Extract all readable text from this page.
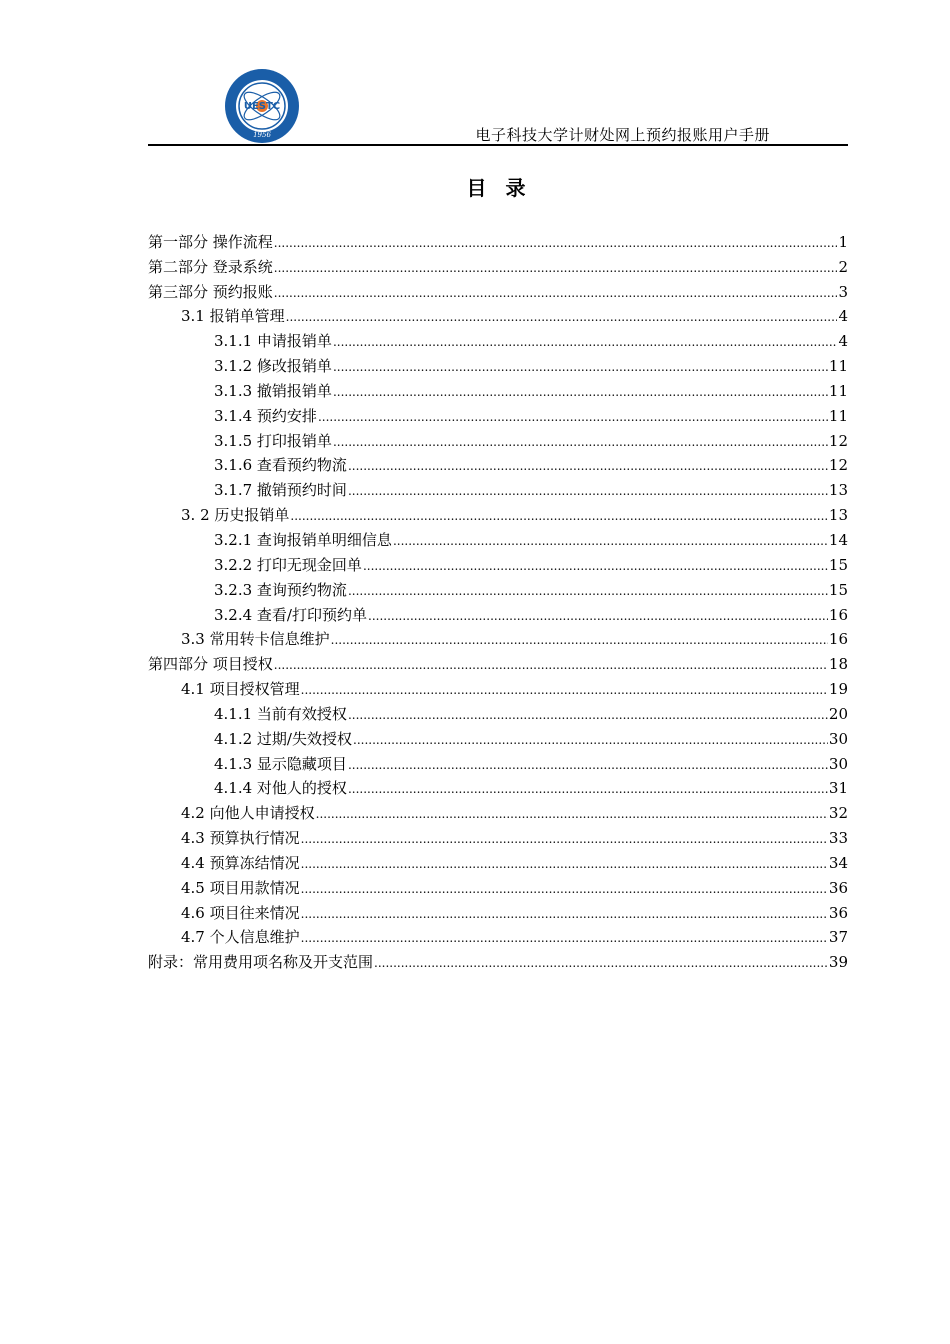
UESTC
1956	电子科技大学计财处网上预约报账用户手册
目 录
第一部分 操作流程 .....	1
第二部分 登录系统 .....	2
第三部分 预约报账 .....	3
3.1 报销单管理 .....	4
3.1.1 申请报销单 .....	4
3.1.2 修改报销单 .....	11
3.1.3 撤销报销单 .....	11
3.1.4 预约安排 .....	11
3.1.5 打印报销单 .....	12
3.1.6 查看预约物流 .....	12
3.1.7 撤销预约时间 .....	13
3. 2 历史报销单 .....	13
3.2.1 查询报销单明细信息 .....	14
3.2.2 打印无现金回单 .....	15
3.2.3 查询预约物流 .....	15
3.2.4 查看/打印预约单 .....	16
3.3 常用转卡信息维护 .....	16
第四部分 项目授权 .....	18
4.1 项目授权管理 .....	19
4.1.1 当前有效授权 .....	20
4.1.2 过期/失效授权 .....	30
4.1.3 显示隐藏项目 .....	30
4.1.4 对他人的授权 .....	31
4.2 向他人申请授权 .....	32
4.3 预算执行情况 .....	33
4.4 预算冻结情况 .....	34
4.5 项目用款情况 .....	36
4.6 项目往来情况 .....	36
4.7 个人信息维护 .....	37
附录：常用费用项名称及开支范围 .....	39
